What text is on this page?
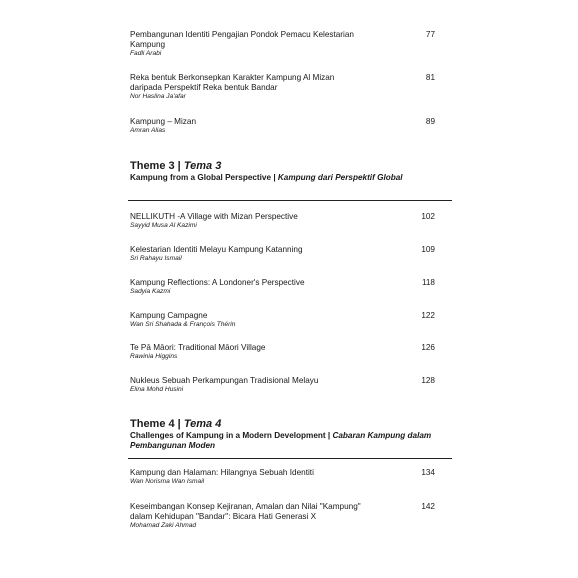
Pembangunan Identiti Pengajian Pondok Pemacu Kelestarian
Kampung
Fadli Arabi
77
Reka bentuk Berkonsepkan Karakter Kampung Al Mizan
daripada Perspektif Reka bentuk Bandar
Nor Haslina Ja'afar
81
Kampung – Mizan
Amran Alias
89
Theme 3 | Tema 3
Kampung from a Global Perspective | Kampung dari Perspektif Global
NELLIKUTH -A Village with Mizan Perspective
Sayyid Musa Al Kazimi
102
Kelestarian Identiti Melayu Kampung Katanning
Sri Rahayu Ismail
109
Kampung Reflections: A Londoner's Perspective
Sadyia Kazmi
118
Kampung Campagne
Wan Sri Shahada & François Thérin
122
Te Pā Māori: Traditional Māori Village
Rawinia Higgins
126
Nukleus Sebuah Perkampungan Tradisional Melayu
Elina Mohd Husini
128
Theme 4 | Tema 4
Challenges of Kampung in a Modern Development | Cabaran Kampung dalam Pembangunan Moden
Kampung dan Halaman: Hilangnya Sebuah Identiti
Wan Norisma Wan Ismail
134
Keseimbangan Konsep Kejiranan, Amalan dan Nilai "Kampung"
dalam Kehidupan "Bandar": Bicara Hati Generasi X
Mohamad Zaki Ahmad
142
